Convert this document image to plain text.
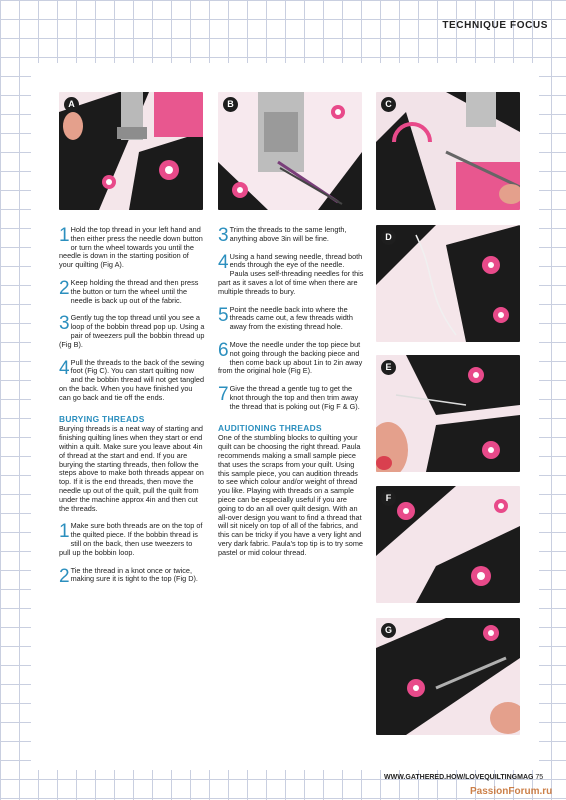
TECHNIQUE FOCUS
A	B	C
D
E
F
G
1 Hold the top thread in your left hand and then either press the needle down button or turn the wheel towards you until the needle is down in the starting position of your quilting (Fig A).
2 Keep holding the thread and then press the button or turn the wheel until the needle is back up out of the fabric.
3 Gently tug the top thread until you see a loop of the bobbin thread pop up. Using a pair of tweezers pull the bobbin thread up (Fig B).
4 Pull the threads to the back of the sewing foot (Fig C). You can start quilting now and the bobbin thread will not get tangled on the back. When you have finished you can go back and tie off the ends.
BURYING THREADS
Burying threads is a neat way of starting and finishing quilting lines when they start or end within a quilt. Make sure you leave about 4in of thread at the start and end. If you are burying the starting threads, then follow the steps above to make both threads appear on top. If it is the end threads, then move the needle up out of the quilt, pull the quilt from under the machine approx 4in and then cut the threads.
1 Make sure both threads are on the top of the quilted piece. If the bobbin thread is still on the back, then use tweezers to pull up the bobbin loop.
2 Tie the thread in a knot once or twice, making sure it is tight to the top (Fig D).
3 Trim the threads to the same length, anything above 3in will be fine.
4 Using a hand sewing needle, thread both ends through the eye of the needle. Paula uses self-threading needles for this part as it saves a lot of time when there are multiple threads to bury.
5 Point the needle back into where the threads came out, a few threads width away from the existing thread hole.
6 Move the needle under the top piece but not going through the backing piece and then come back up about 1in to 2in away from the original hole (Fig E).
7 Give the thread a gentle tug to get the knot through the top and then trim away the thread that is poking out (Fig F & G).
AUDITIONING THREADS
One of the stumbling blocks to quilting your quilt can be choosing the right thread. Paula recommends making a small sample piece that uses the scraps from your quilt. Using this sample piece, you can audition threads to see which colour and/or weight of thread you like. Playing with threads on a sample piece can be especially useful if you are going to do an all over quilt design. With an all-over design you want to find a thread that will sit nicely on top of all of the fabrics, and this can be tricky if you have a very light and very dark fabric. Paula's top tip is to try some pastel or mid colour thread.
WWW.GATHERED.HOW/LOVEQUILTINGMAG 75
PassionForum.ru
